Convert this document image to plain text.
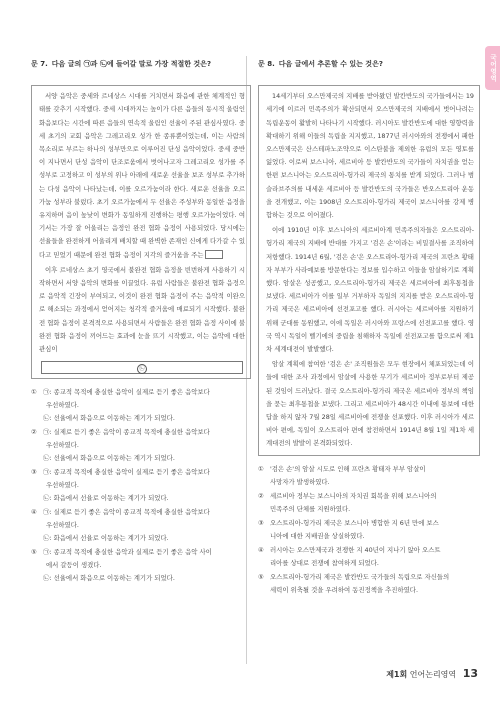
국어영역
문 7. 다음 글의 ㉠과 ㉡에 들어갈 말로 가장 적절한 것은?

서양 음악은 중세와 르네상스 시대를 거치면서 화음에 관한 체계적인 형태를 갖추기 시작했다. 중세 시대까지는 높이가 다른 음들의 동시적 울림인 화음보다는 시간에 따른 음들의 연속적 울림인 선율이 주된 관심사였다. 중세 초기의 교회 음악은 그레고리오 성가 한 종류뿐이었는데, 이는 사람의 목소리로 부르는 하나의 성부만으로 이루어진 단성 음악이었다. 중세 중반이 지나면서 단성 음악이 단조로움에서 벗어나고자 그레고리오 성가를 주성부로 고정하고 이 성부의 위나 아래에 새로운 선율을 보조 성부로 추가하는 다성 음악이 나타났는데, 이를 오르가눔이라 한다. 새로운 선율을 오르가눔 성부라 불렀다. 초기 오르가눔에서 두 선율은 주성부와 동일한 음정을 유지하며 음이 높낮이 변화가 동일하게 진행하는 평행 오르가눔이었다. 여기서는 가장 잘 어울리는 음정인 완전 협화 음정이 사용되었다. 당시에는 선율들을 완전하게 어울리게 배치할 때 완벽한 존재인 신에게 다가갈 수 있다고 믿었기 때문에 완전 협화 음정이 지각의 즐거움을 주는

이후 르네상스 초기 영국에서 불완전 협화 음정을 빈번하게 사용하기 시작하면서 서양 음악의 변화를 이끌었다. 유럽 사람들은 불완전 협화 음정으로 음악적 긴장이 부여되고, 이것이 완전 협화 음정이 주는 음악적 이완으로 해소되는 과정에서 얻어지는 청각적 즐거움에 매료되기 시작했다. 불완전 협화 음정이 본격적으로 사용되면서 사람들은 완전 협화 음정 사이에 불완전 협화 음정이 끼어드는 효과에 눈을 뜨기 시작했고, 이는 음악에 대한 관심이

㉡
① ㉠: 종교적 목적에 충실한 음악이 실제로 듣기 좋은 음악보다
우선하였다.
㉡: 선율에서 화음으로 이동하는 계기가 되었다.
② ㉠: 실제로 듣기 좋은 음악이 종교적 목적에 충실한 음악보다
우선하였다.
㉡: 선율에서 화음으로 이동하는 계기가 되었다.
③ ㉠: 종교적 목적에 충실한 음악이 실제로 듣기 좋은 음악보다
우선하였다.
㉡: 화음에서 선율로 이동하는 계기가 되었다.
④ ㉠: 실제로 듣기 좋은 음악이 종교적 목적에 충실한 음악보다
우선하였다.
㉡: 화음에서 선율로 이동하는 계기가 되었다.
⑤ ㉠: 종교적 목적에 충실한 음악과 실제로 듣기 좋은 음악 사이
에서 갈등이 생겼다.
㉡: 선율에서 화음으로 이동하는 계기가 되었다.
문 8. 다음 글에서 추론할 수 있는 것은?

14세기부터 오스만제국의 지배를 받아왔던 발칸반도의 국가들에서는 19세기에 이르러 민족주의가 확산되면서 오스만제국의 지배에서 벗어나려는 독립운동이 활발히 나타나기 시작했다. 러시아도 발칸반도에 대한 영향력을 확대하기 위해 이들의 독립을 지지했고, 1877년 러시아와의 전쟁에서 패한 오스만제국은 산스테파노조약으로 이스탄불을 제외한 유럽의 모든 영토를 잃었다. 이로써 보스니아, 세르비아 등 발칸반도의 국가들이 자치권을 얻는 한편 보스니아는 오스트리아-헝가리 제국의 통치를 받게 되었다. 그러나 범슬라브주의를 내세운 세르비아 등 발칸반도의 국가들은 반오스트리아 운동을 전개했고, 이는 1908년 오스트리아-헝가리 제국이 보스니아를 강제 병합하는 것으로 이어졌다.

이에 1910년 이후 보스니아의 세르비아계 민족주의자들은 오스트리아-헝가리 제국의 지배에 반대를 가지고 '검은 손'이라는 비밀결사를 조직하여 저항했다. 1914년 6월, '검은 손'은 오스트리아-헝가리 제국의 프란츠 황태자 부부가 사라예보를 방문한다는 정보를 입수하고 이들을 암살하기로 계획했다. 암살은 성공했고, 오스트리아-헝가리 제국은 세르비아에 최후통첩을 보냈다. 세르비아가 이를 일부 거부하자 독일의 지지를 받은 오스트리아-헝가리 제국은 세르비아에 선전포고를 했다. 러시아는 세르비아를 지원하기 위해 군대를 동원했고, 이에 독일은 러시아와 프랑스에 선전포고를 했다. 영국 역시 독일이 벨기에의 중립을 침해하자 독일에 선전포고를 함으로써 제1차 세계대전이 발발했다.

암살 계획에 참여한 '검은 손' 조직원들은 모두 현장에서 체포되었는데 이들에 대한 조사 과정에서 암살에 사용한 무기가 세르비아 정부로부터 제공된 것임이 드러났다. 결국 오스트리아-헝가리 제국은 세르비아 정부의 책임을 묻는 최후통첩을 보냈다. 그리고 세르비아가 48시간 이내에 통보에 대한 답을 하지 않자 7월 28일 세르비아에 전쟁을 선포했다. 이후 러시아가 세르비아 편에, 독일이 오스트리아 편에 참전하면서 1914년 8월 1일 제1차 세계대전의 발발이 본격화되었다.

① '검은 손'의 암살 시도로 인해 프란츠 황태자 부부 암살이
사망자가 발생하였다.
② 세르비아 정부는 보스니아의 자치권 회복을 위해 보스니아의
민족주의 단체를 지원하였다.
③ 오스트리아-헝가리 제국은 보스니아 병합한 지 6년 만에 보스
니아에 대한 지배권을 상실하였다.
④ 러시아는 오스만제국과 전쟁한 지 40년이 지나기 않아 오스트
리아를 상대로 전쟁에 참여하게 되었다.
⑤ 오스트리아-헝가리 제국은 발칸반도 국가들의 독립으로 자신들의
세력이 위축될 것을 우려하여 동진정책을 추진하였다.
제1회 언어논리영역 13
